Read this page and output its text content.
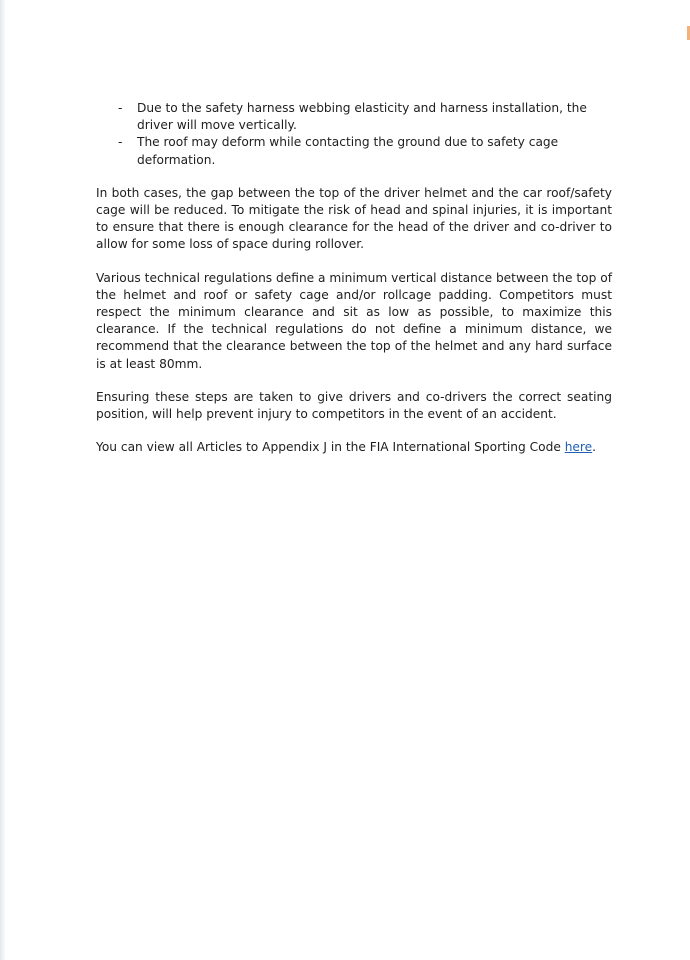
- Due to the safety harness webbing elasticity and harness installation, the driver will move vertically.
- The roof may deform while contacting the ground due to safety cage deformation.

In both cases, the gap between the top of the driver helmet and the car roof/safety cage will be reduced. To mitigate the risk of head and spinal injuries, it is important to ensure that there is enough clearance for the head of the driver and co-driver to allow for some loss of space during rollover.

Various technical regulations define a minimum vertical distance between the top of the helmet and roof or safety cage and/or rollcage padding. Competitors must respect the minimum clearance and sit as low as possible, to maximize this clearance. If the technical regulations do not define a minimum distance, we recommend that the clearance between the top of the helmet and any hard surface is at least 80mm.

Ensuring these steps are taken to give drivers and co-drivers the correct seating position, will help prevent injury to competitors in the event of an accident.

You can view all Articles to Appendix J in the FIA International Sporting Code here.
